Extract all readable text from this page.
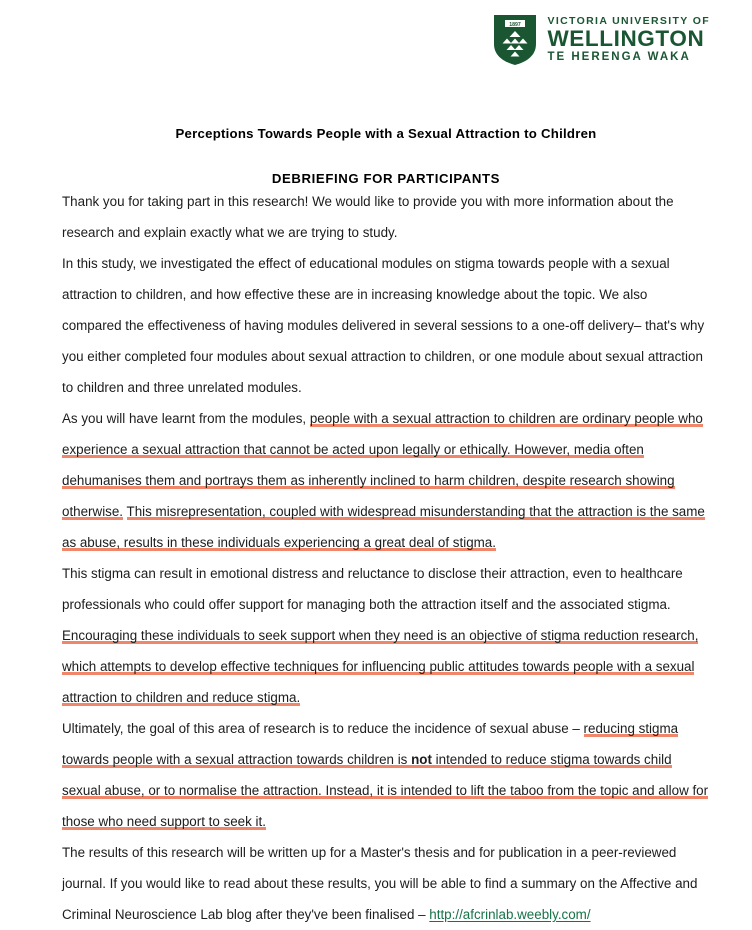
1897 VICTORIA UNIVERSITY OF
WELLINGTON
TE HERENGA WAKA
Perceptions Towards People with a Sexual Attraction to Children
DEBRIEFING FOR PARTICIPANTS

Thank you for taking part in this research! We would like to provide you with more information about the research and explain exactly what we are trying to study.

In this study, we investigated the effect of educational modules on stigma towards people with a sexual attraction to children, and how effective these are in increasing knowledge about the topic. We also compared the effectiveness of having modules delivered in several sessions to a one-off delivery– that's why you either completed four modules about sexual attraction to children, or one module about sexual attraction to children and three unrelated modules.

As you will have learnt from the modules, people with a sexual attraction to children are ordinary people who experience a sexual attraction that cannot be acted upon legally or ethically. However, media often dehumanises them and portrays them as inherently inclined to harm children, despite research showing otherwise. This misrepresentation, coupled with widespread misunderstanding that the attraction is the same as abuse, results in these individuals experiencing a great deal of stigma.

This stigma can result in emotional distress and reluctance to disclose their attraction, even to healthcare professionals who could offer support for managing both the attraction itself and the associated stigma. Encouraging these individuals to seek support when they need is an objective of stigma reduction research, which attempts to develop effective techniques for influencing public attitudes towards people with a sexual attraction to children and reduce stigma.

Ultimately, the goal of this area of research is to reduce the incidence of sexual abuse – reducing stigma towards people with a sexual attraction towards children is not intended to reduce stigma towards child sexual abuse, or to normalise the attraction. Instead, it is intended to lift the taboo from the topic and allow for those who need support to seek it.

The results of this research will be written up for a Master's thesis and for publication in a peer-reviewed journal. If you would like to read about these results, you will be able to find a summary on the Affective and Criminal Neuroscience Lab blog after they've been finalised – http://afcrinlab.weebly.com/
